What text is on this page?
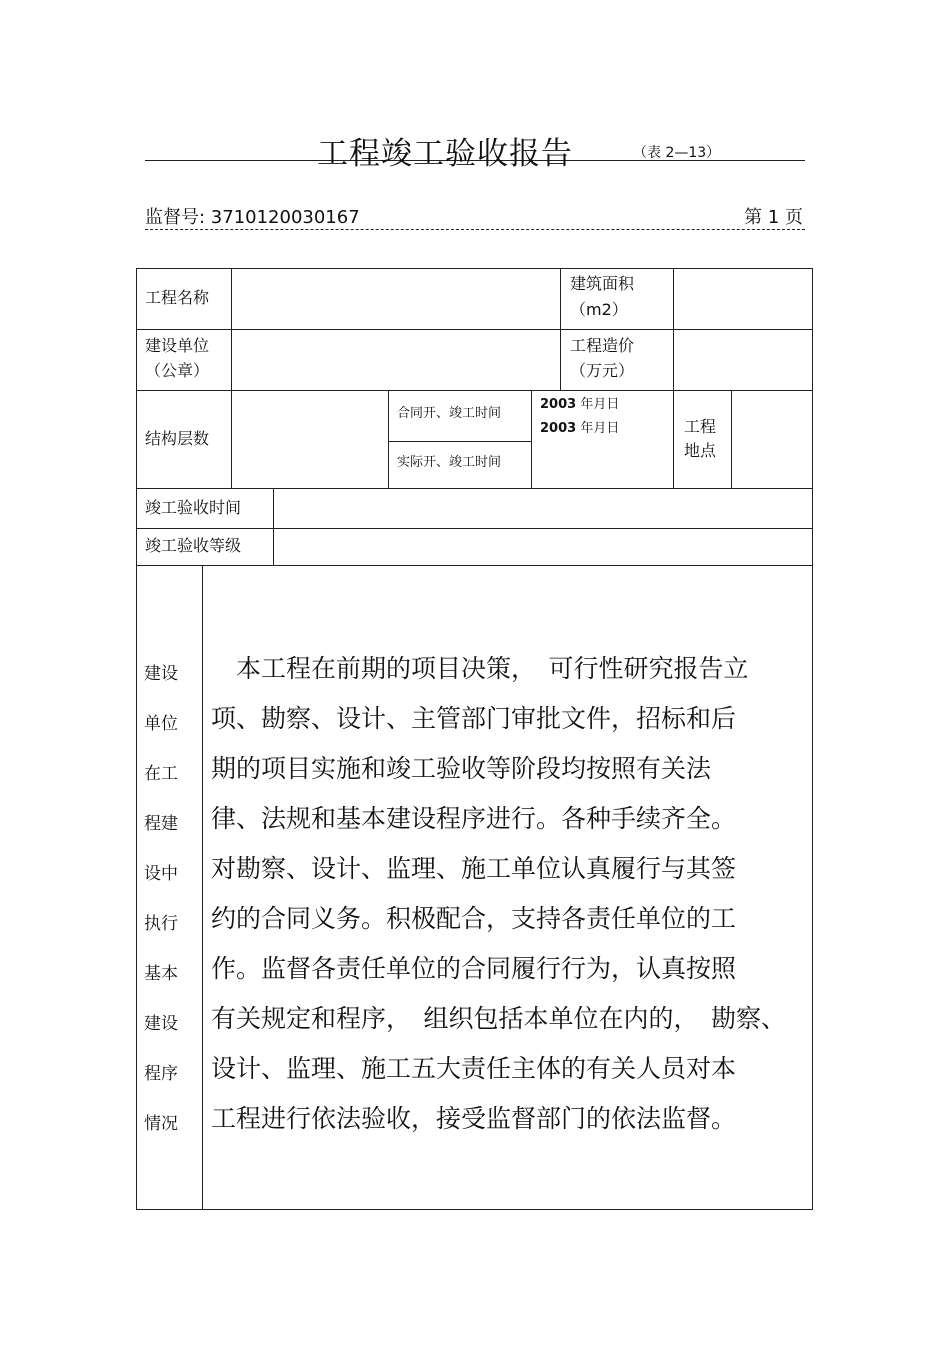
工程竣工验收报告	（表 2—13）
监督号: 3710120030167	第 1 页
工程名称
建筑面积
（m2）
建设单位
（公章）
工程造价
（万元）
结构层数
合同开、竣工时间
2003 年月日
2003 年月日
实际开、竣工时间
工程
地点
竣工验收时间
竣工验收等级
建设
单位
在工
程建
设中
执行
基本
建设
程序
情况
　本工程在前期的项目决策，　可行性研究报告立
项、勘察、设计、主管部门审批文件，招标和后
期的项目实施和竣工验收等阶段均按照有关法
律、法规和基本建设程序进行。各种手续齐全。
对勘察、设计、监理、施工单位认真履行与其签
约的合同义务。积极配合，支持各责任单位的工
作。监督各责任单位的合同履行行为，认真按照
有关规定和程序，　组织包括本单位在内的，　勘察、
设计、监理、施工五大责任主体的有关人员对本
工程进行依法验收，接受监督部门的依法监督。
